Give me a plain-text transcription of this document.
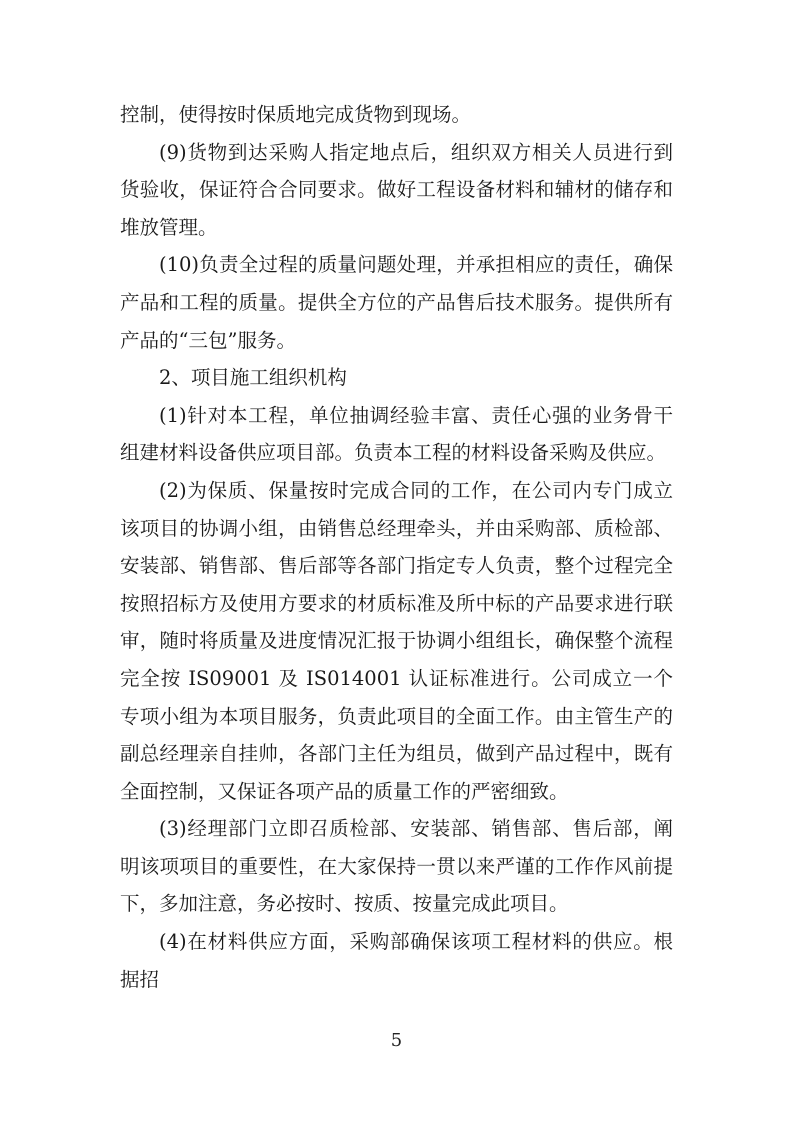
控制，使得按时保质地完成货物到现场。

(9)货物到达采购人指定地点后，组织双方相关人员进行到货验收，保证符合合同要求。做好工程设备材料和辅材的储存和堆放管理。

(10)负责全过程的质量问题处理，并承担相应的责任，确保产品和工程的质量。提供全方位的产品售后技术服务。提供所有产品的“三包”服务。

2、项目施工组织机构

(1)针对本工程，单位抽调经验丰富、责任心强的业务骨干组建材料设备供应项目部。负责本工程的材料设备采购及供应。

(2)为保质、保量按时完成合同的工作，在公司内专门成立该项目的协调小组，由销售总经理牵头，并由采购部、质检部、安装部、销售部、售后部等各部门指定专人负责，整个过程完全按照招标方及使用方要求的材质标准及所中标的产品要求进行联审，随时将质量及进度情况汇报于协调小组组长，确保整个流程完全按 IS09001 及 IS014001 认证标准进行。公司成立一个专项小组为本项目服务，负责此项目的全面工作。由主管生产的副总经理亲自挂帅，各部门主任为组员，做到产品过程中，既有全面控制，又保证各项产品的质量工作的严密细致。

(3)经理部门立即召质检部、安装部、销售部、售后部，阐明该项项目的重要性，在大家保持一贯以来严谨的工作作风前提下，多加注意，务必按时、按质、按量完成此项目。

(4)在材料供应方面，采购部确保该项工程材料的供应。根据招

5
